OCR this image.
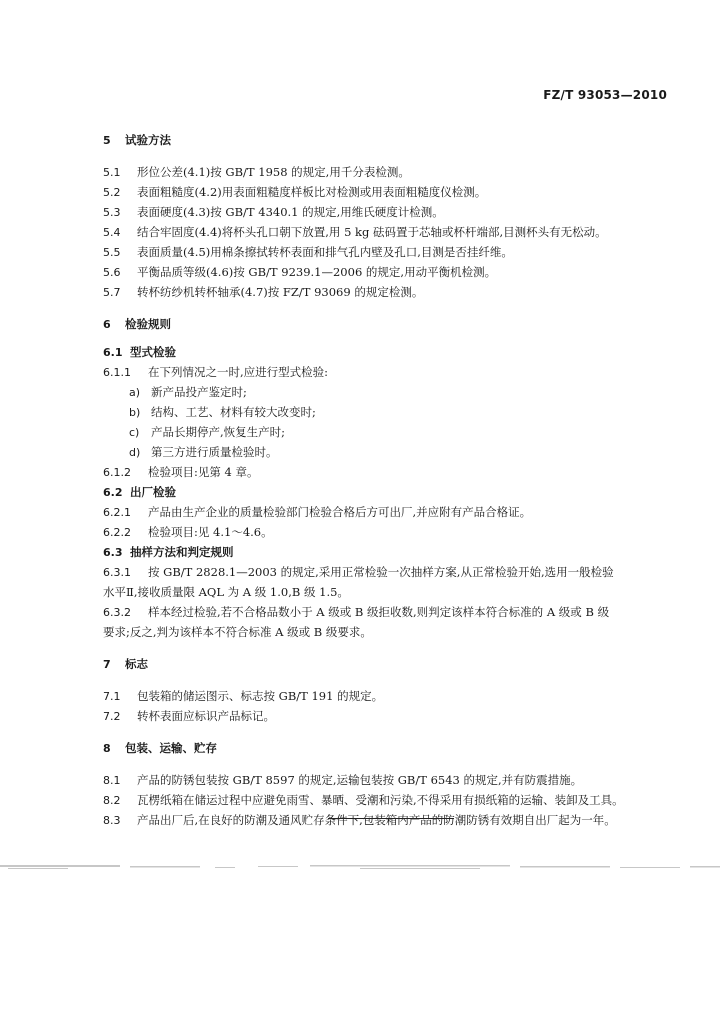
FZ/T 93053—2010
5 试验方法
5.1 形位公差(4.1)按 GB/T 1958 的规定,用千分表检测。
5.2 表面粗糙度(4.2)用表面粗糙度样板比对检测或用表面粗糙度仪检测。
5.3 表面硬度(4.3)按 GB/T 4340.1 的规定,用维氏硬度计检测。
5.4 结合牢固度(4.4)将杯头孔口朝下放置,用 5 kg 砝码置于芯轴或杯杆端部,目测杯头有无松动。
5.5 表面质量(4.5)用棉条擦拭转杯表面和排气孔内壁及孔口,目测是否挂纤维。
5.6 平衡品质等级(4.6)按 GB/T 9239.1—2006 的规定,用动平衡机检测。
5.7 转杯纺纱机转杯轴承(4.7)按 FZ/T 93069 的规定检测。
6 检验规则
6.1 型式检验
6.1.1 在下列情况之一时,应进行型式检验:
a) 新产品投产鉴定时;
b) 结构、工艺、材料有较大改变时;
c) 产品长期停产,恢复生产时;
d) 第三方进行质量检验时。
6.1.2 检验项目:见第 4 章。
6.2 出厂检验
6.2.1 产品由生产企业的质量检验部门检验合格后方可出厂,并应附有产品合格证。
6.2.2 检验项目:见 4.1～4.6。
6.3 抽样方法和判定规则
6.3.1 按 GB/T 2828.1—2003 的规定,采用正常检验一次抽样方案,从正常检验开始,选用一般检验
水平Ⅱ,接收质量限 AQL 为 A 级 1.0,B 级 1.5。
6.3.2 样本经过检验,若不合格品数小于 A 级或 B 级拒收数,则判定该样本符合标准的 A 级或 B 级
要求;反之,判为该样本不符合标准 A 级或 B 级要求。
7 标志
7.1 包装箱的储运图示、标志按 GB/T 191 的规定。
7.2 转杯表面应标识产品标记。
8 包装、运输、贮存
8.1 产品的防锈包装按 GB/T 8597 的规定,运输包装按 GB/T 6543 的规定,并有防震措施。
8.2 瓦楞纸箱在储运过程中应避免雨雪、暴晒、受潮和污染,不得采用有损纸箱的运输、装卸及工具。
8.3 产品出厂后,在良好的防潮及通风贮存条件下,包装箱内产品的防潮防锈有效期自出厂起为一年。
